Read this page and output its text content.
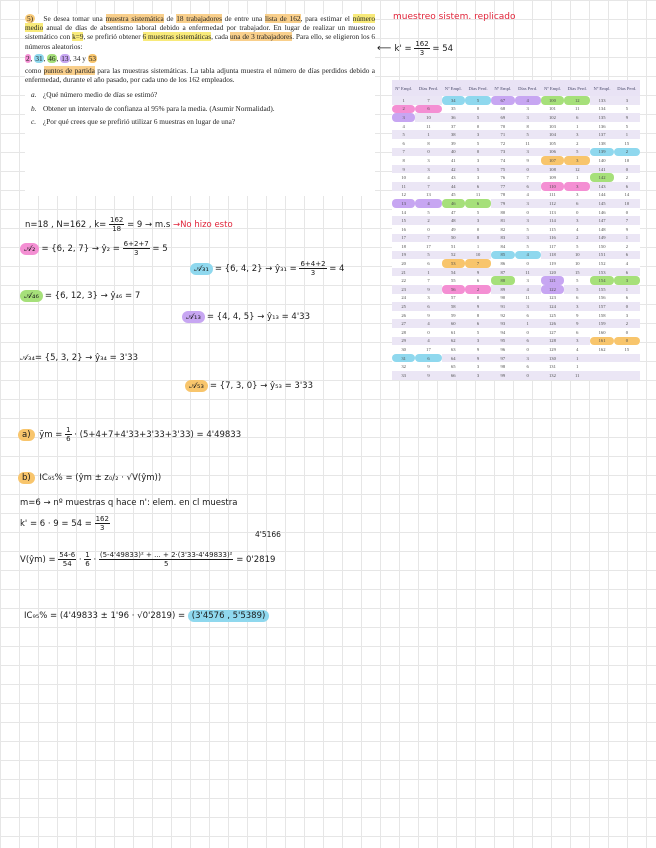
5) Se desea tomar una muestra sistemática de 18 trabajadores de entre una lista de 162, para estimar el número medio anual de días de absentismo laboral debido a enfermedad por trabajador. En lugar de realizar un muestreo sistemático con k=9, se prefirió obtener 6 muestras sistemáticas, cada una de 3 trabajadores. Para ello, se eligieron los 6 números aleatorios:

2, 31, 46, 13, 34 y 53

como puntos de partida para las muestras sistemáticas. La tabla adjunta muestra el número de días perdidos debido a enfermedad, durante el año pasado, por cada uno de los 162 empleados.

a. ¿Qué número medio de días se estimó?

b. Obtener un intervalo de confianza al 95% para la media. (Asumir Normalidad).

c. ¿Por qué crees que se prefirió utilizar 6 muestras en lugar de una?

muestreo sistem. replicado
⟵ $k' = \frac{162}{3} = 54$
Nº Empl.	Días Perd.	Nº Empl.	Días Perd.	Nº Empl.	Días Perd.	Nº Empl.	Días Perd.	Nº Empl.	Días Perd.
1	7	34	5	67	4	100	12	133	3
2	6	35	0	68	3	101	11	134	5
3	10	36	5	69	3	102	6	135	9
4	11	37	0	70	8	103	1	136	5
5	1	38	3	71	5	104	3	137	1
6	8	39	5	72	11	105	2	138	15
7	0	40	0	73	3	106	5	139	2
8	3	41	3	74	9	107	3	140	10
9	3	42	5	75	0	108	12	141	0
10	4	43	3	76	7	109	1	142	2
11	7	44	6	77	6	110	3	143	6
12	13	45	11	78	4	111	3	144	14
13	4	46	6	79	3	112	6	145	10
14	5	47	5	80	0	113	0	146	0
15	2	48	3	81	3	114	3	147	7
16	0	49	0	82	5	115	4	148	9
17	7	50	8	83	3	116	2	149	1
18	17	51	1	84	5	117	5	150	2
19	5	52	10	85	4	118	10	151	6
20	6	53	7	86	0	119	10	152	4
21	1	54	9	87	11	120	15	153	6
22	7	55	6	88	3	121	5	154	3
23	9	56	2	89	4	122	5	155	1
24	3	57	0	90	11	123	6	156	6
25	6	58	9	91	3	124	3	157	0
26	9	59	8	92	6	125	9	158	3
27	4	60	6	93	1	126	9	159	2
28	0	61	5	94	0	127	6	160	0
29	4	62	3	95	6	128	3	161	0
30	17	63	9	96	0	129	4	162	15
31	6	64	9	97	3	130	1		
32	9	65	3	98	6	131	1		
33	9	66	3	99	0	132	11		
n=18 , N=162 , $k= \frac{162}{18} = 9 \to m.s \to No$ hizo esto
𝒜₂ = {6, 2, 7} → ŷ₂ = $\frac{6+2+7}{3} = 5$
𝒜₃₁ = {6, 4, 2} → ŷ₃₁ = $\frac{6+4+2}{3} = 4$
𝒜₄₆ = {6, 12, 3} → ŷ₄₆ = 7
𝒜₁₃ = {4, 4, 5} → ŷ₁₃ = 4'33
𝒜₃₄= {5, 3, 2} → ŷ₃₄ = 3'33
𝒜₅₃ = {7, 3, 0} → ŷ₅₃ = 3'33
a) ȳm = $\frac{1}{6} \cdot (5+4+7+4'33+3'33+3'33) = 4'49833$
b) IC₉₅% = (ŷm ± z₀/₂ · √V(ŷm))
m=6 → nº muestras q hace n': elem. en cl muestra
$k' = 6 \cdot 9 = 54 = \frac{162}{3}$
4'5166
V(ŷm) = $\frac{54-6}{54} \cdot \frac{1}{6} \cdot \frac{\text{(5-4'49833)² + ... + 2·(3'33-4'49833)²}}{5} = 0'2819$
IC₉₅% = (4'49833 ± 1'96 · √0'2819) = (3'4576 , 5'5389)
